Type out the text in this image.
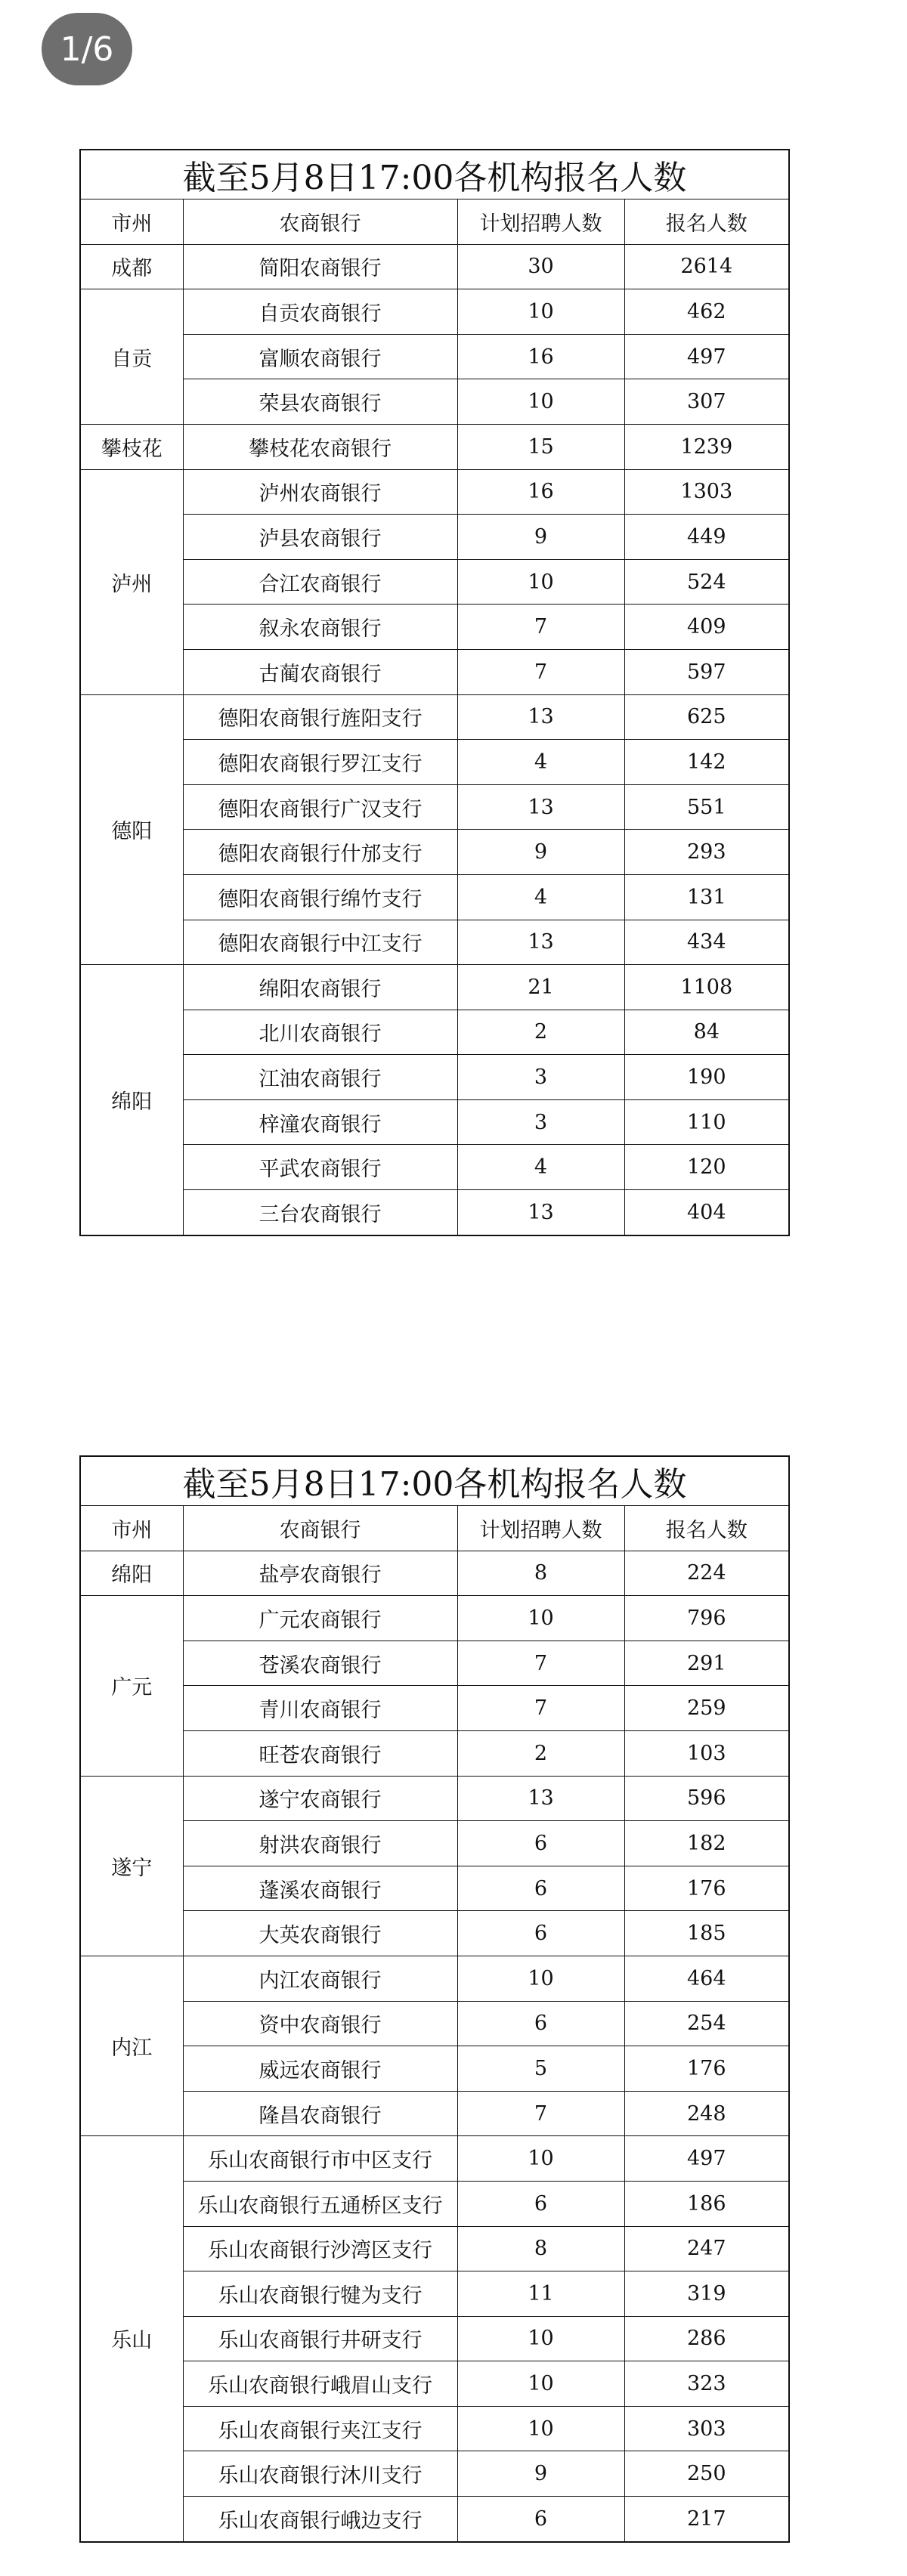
1/6
截至5月8日17:00各机构报名人数			
市州	农商银行	计划招聘人数	报名人数
成都	简阳农商银行	30	2614
自贡	自贡农商银行	10	462
	富顺农商银行	16	497
	荣县农商银行	10	307
攀枝花	攀枝花农商银行	15	1239
泸州	泸州农商银行	16	1303
	泸县农商银行	9	449
	合江农商银行	10	524
	叙永农商银行	7	409
	古蔺农商银行	7	597
德阳	德阳农商银行旌阳支行	13	625
	德阳农商银行罗江支行	4	142
	德阳农商银行广汉支行	13	551
	德阳农商银行什邡支行	9	293
	德阳农商银行绵竹支行	4	131
	德阳农商银行中江支行	13	434
绵阳	绵阳农商银行	21	1108
	北川农商银行	2	84
	江油农商银行	3	190
	梓潼农商银行	3	110
	平武农商银行	4	120
	三台农商银行	13	404
截至5月8日17:00各机构报名人数			
市州	农商银行	计划招聘人数	报名人数
绵阳	盐亭农商银行	8	224
广元	广元农商银行	10	796
	苍溪农商银行	7	291
	青川农商银行	7	259
	旺苍农商银行	2	103
遂宁	遂宁农商银行	13	596
	射洪农商银行	6	182
	蓬溪农商银行	6	176
	大英农商银行	6	185
内江	内江农商银行	10	464
	资中农商银行	6	254
	威远农商银行	5	176
	隆昌农商银行	7	248
乐山	乐山农商银行市中区支行	10	497
	乐山农商银行五通桥区支行	6	186
	乐山农商银行沙湾区支行	8	247
	乐山农商银行犍为支行	11	319
	乐山农商银行井研支行	10	286
	乐山农商银行峨眉山支行	10	323
	乐山农商银行夹江支行	10	303
	乐山农商银行沐川支行	9	250
	乐山农商银行峨边支行	6	217
